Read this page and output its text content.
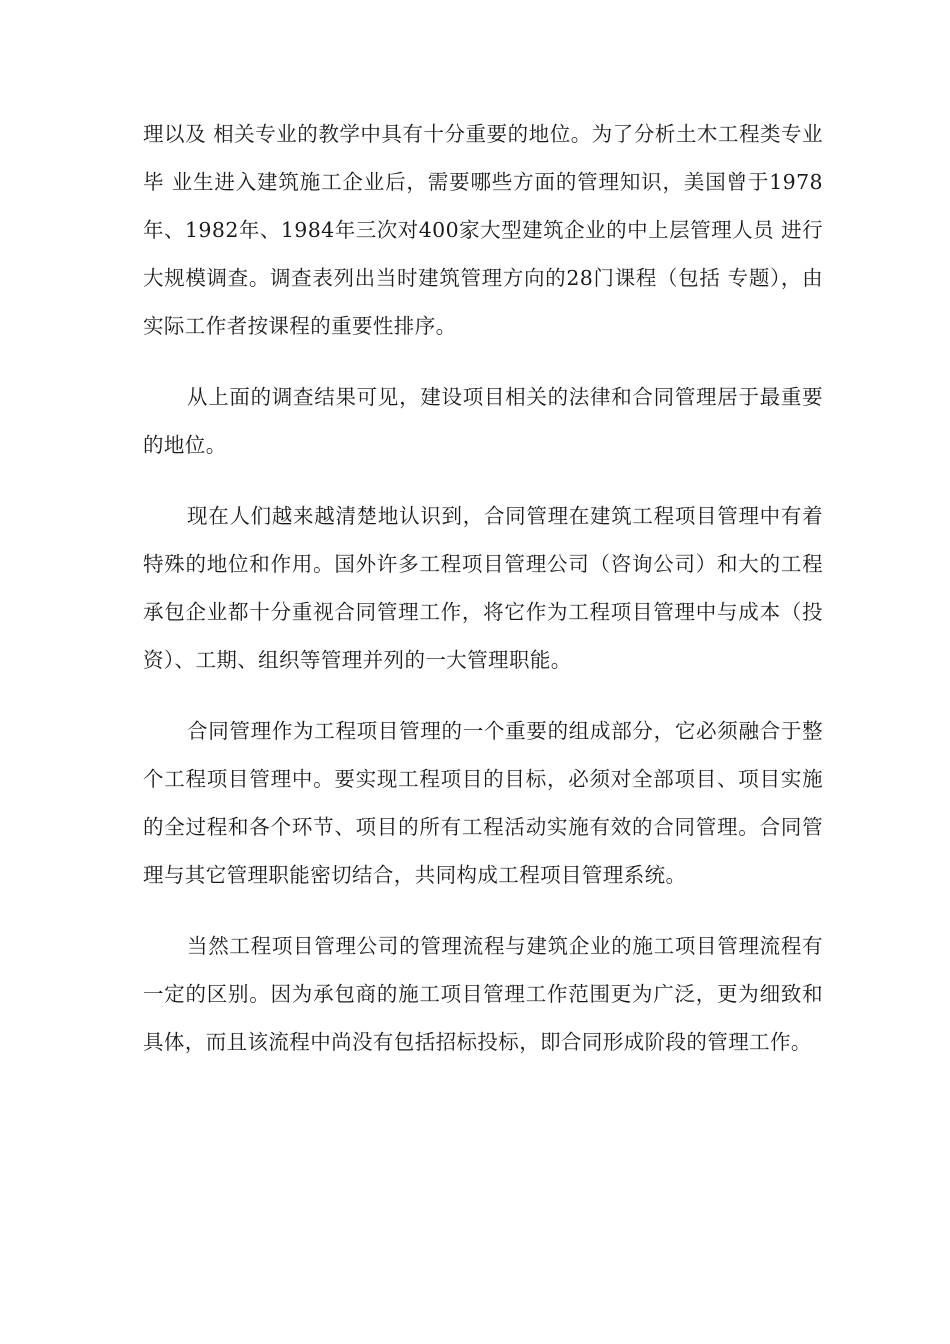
理以及 相关专业的教学中具有十分重要的地位。为了分析土木工程类专业毕 业生进入建筑施工企业后，需要哪些方面的管理知识，美国曾于1978 年、1982年、1984年三次对400家大型建筑企业的中上层管理人员 进行大规模调查。调查表列出当时建筑管理方向的28门课程（包括 专题），由实际工作者按课程的重要性排序。

从上面的调查结果可见，建设项目相关的法律和合同管理居于最重要的地位。

现在人们越来越清楚地认识到，合同管理在建筑工程项目管理中有着特殊的地位和作用。国外许多工程项目管理公司（咨询公司）和大的工程承包企业都十分重视合同管理工作，将它作为工程项目管理中与成本（投资）、工期、组织等管理并列的一大管理职能。

合同管理作为工程项目管理的一个重要的组成部分，它必须融合于整个工程项目管理中。要实现工程项目的目标，必须对全部项目、项目实施的全过程和各个环节、项目的所有工程活动实施有效的合同管理。合同管理与其它管理职能密切结合，共同构成工程项目管理系统。

当然工程项目管理公司的管理流程与建筑企业的施工项目管理流程有一定的区别。因为承包商的施工项目管理工作范围更为广泛，更为细致和具体，而且该流程中尚没有包括招标投标，即合同形成阶段的管理工作。
